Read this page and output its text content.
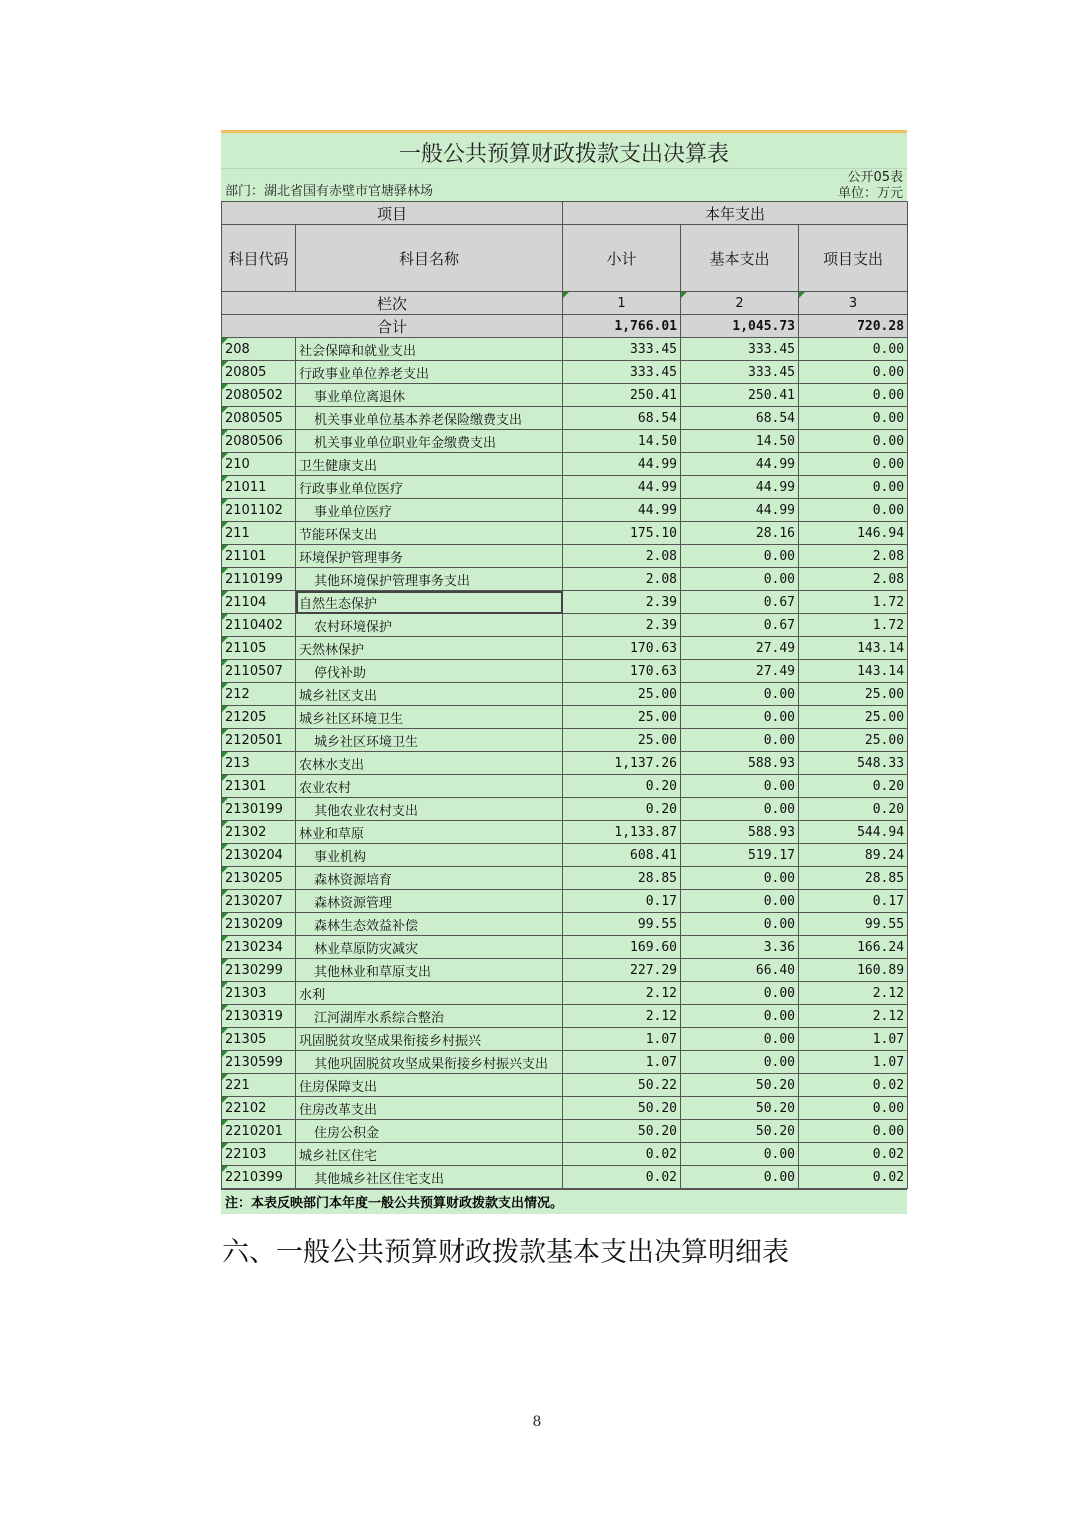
一般公共预算财政拨款支出决算表
公开05表
单位：万元
部门：湖北省国有赤壁市官塘驿林场
项目		本年支出		
科目代码	科目名称	小计	基本支出	项目支出
栏次		1	2	3
合计		1,766.01	1,045.73	720.28
208	社会保障和就业支出	333.45	333.45	0.00
20805	行政事业单位养老支出	333.45	333.45	0.00
2080502	事业单位离退休	250.41	250.41	0.00
2080505	机关事业单位基本养老保险缴费支出	68.54	68.54	0.00
2080506	机关事业单位职业年金缴费支出	14.50	14.50	0.00
210	卫生健康支出	44.99	44.99	0.00
21011	行政事业单位医疗	44.99	44.99	0.00
2101102	事业单位医疗	44.99	44.99	0.00
211	节能环保支出	175.10	28.16	146.94
21101	环境保护管理事务	2.08	0.00	2.08
2110199	其他环境保护管理事务支出	2.08	0.00	2.08
21104	自然生态保护	2.39	0.67	1.72
2110402	农村环境保护	2.39	0.67	1.72
21105	天然林保护	170.63	27.49	143.14
2110507	停伐补助	170.63	27.49	143.14
212	城乡社区支出	25.00	0.00	25.00
21205	城乡社区环境卫生	25.00	0.00	25.00
2120501	城乡社区环境卫生	25.00	0.00	25.00
213	农林水支出	1,137.26	588.93	548.33
21301	农业农村	0.20	0.00	0.20
2130199	其他农业农村支出	0.20	0.00	0.20
21302	林业和草原	1,133.87	588.93	544.94
2130204	事业机构	608.41	519.17	89.24
2130205	森林资源培育	28.85	0.00	28.85
2130207	森林资源管理	0.17	0.00	0.17
2130209	森林生态效益补偿	99.55	0.00	99.55
2130234	林业草原防灾减灾	169.60	3.36	166.24
2130299	其他林业和草原支出	227.29	66.40	160.89
21303	水利	2.12	0.00	2.12
2130319	江河湖库水系综合整治	2.12	0.00	2.12
21305	巩固脱贫攻坚成果衔接乡村振兴	1.07	0.00	1.07
2130599	其他巩固脱贫攻坚成果衔接乡村振兴支出	1.07	0.00	1.07
221	住房保障支出	50.22	50.20	0.02
22102	住房改革支出	50.20	50.20	0.00
2210201	住房公积金	50.20	50.20	0.00
22103	城乡社区住宅	0.02	0.00	0.02
2210399	其他城乡社区住宅支出	0.02	0.00	0.02
注：本表反映部门本年度一般公共预算财政拨款支出情况。
六、一般公共预算财政拨款基本支出决算明细表
8
